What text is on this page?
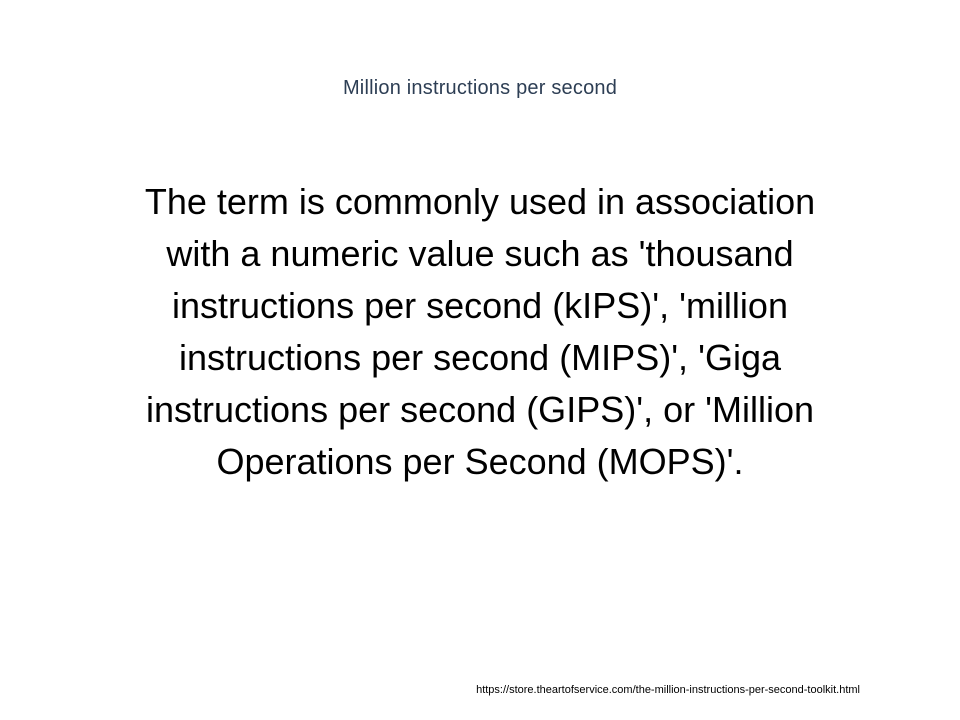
Million instructions per second

The term is commonly used in association

with a numeric value such as 'thousand

instructions per second (kIPS)', 'million

instructions per second (MIPS)', 'Giga

instructions per second (GIPS)', or 'Million

Operations per Second (MOPS)'.

https://store.theartofservice.com/the-million-instructions-per-second-toolkit.html
